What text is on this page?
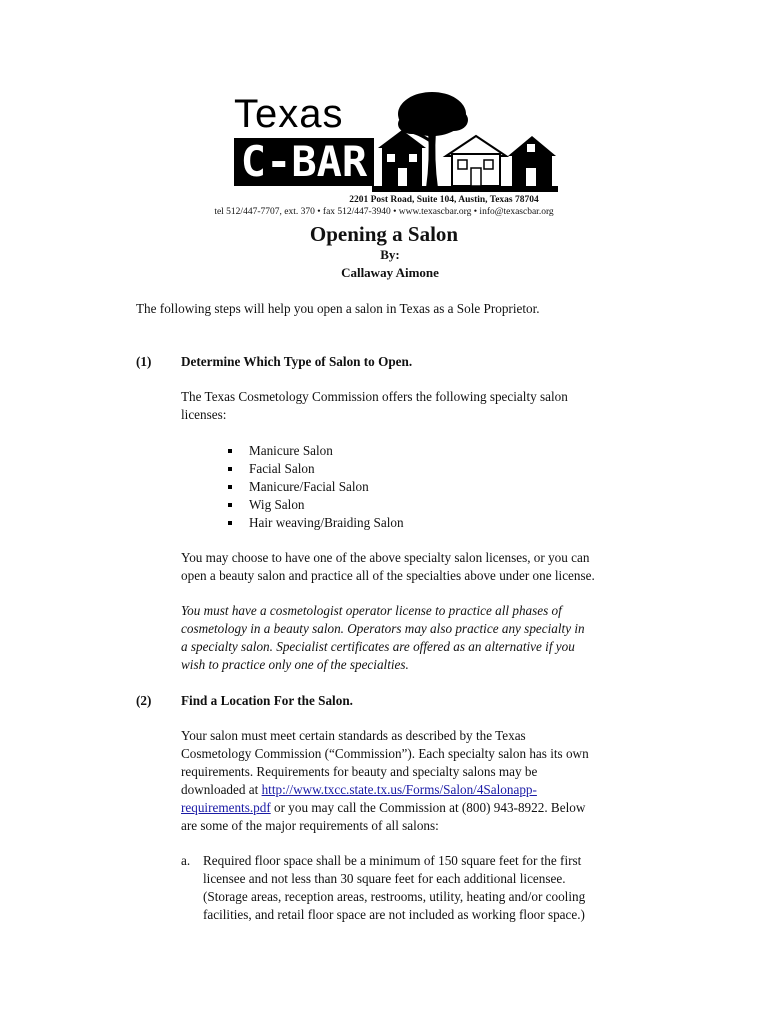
Texas
C-BAR
2201 Post Road, Suite 104, Austin, Texas 78704
tel 512/447-7707, ext. 370 • fax 512/447-3940 • www.texascbar.org • info@texascbar.org
Opening a Salon
By:
Callaway Aimone

The following steps will help you open a salon in Texas as a Sole Proprietor.

(1) Determine Which Type of Salon to Open.
The Texas Cosmetology Commission offers the following specialty salon
licenses:
Manicure Salon
Facial Salon
Manicure/Facial Salon
Wig Salon
Hair weaving/Braiding Salon
You may choose to have one of the above specialty salon licenses, or you can
open a beauty salon and practice all of the specialties above under one license.
You must have a cosmetologist operator license to practice all phases of
cosmetology in a beauty salon. Operators may also practice any specialty in
a specialty salon. Specialist certificates are offered as an alternative if you
wish to practice only one of the specialties.
(2) Find a Location For the Salon.
Your salon must meet certain standards as described by the Texas
Cosmetology Commission (“Commission”). Each specialty salon has its own
requirements. Requirements for beauty and specialty salons may be
downloaded at http://www.txcc.state.tx.us/Forms/Salon/4Salonapp-
requirements.pdf or you may call the Commission at (800) 943-8922. Below
are some of the major requirements of all salons:
a. Required floor space shall be a minimum of 150 square feet for the first
licensee and not less than 30 square feet for each additional licensee.
(Storage areas, reception areas, restrooms, utility, heating and/or cooling
facilities, and retail floor space are not included as working floor space.)
